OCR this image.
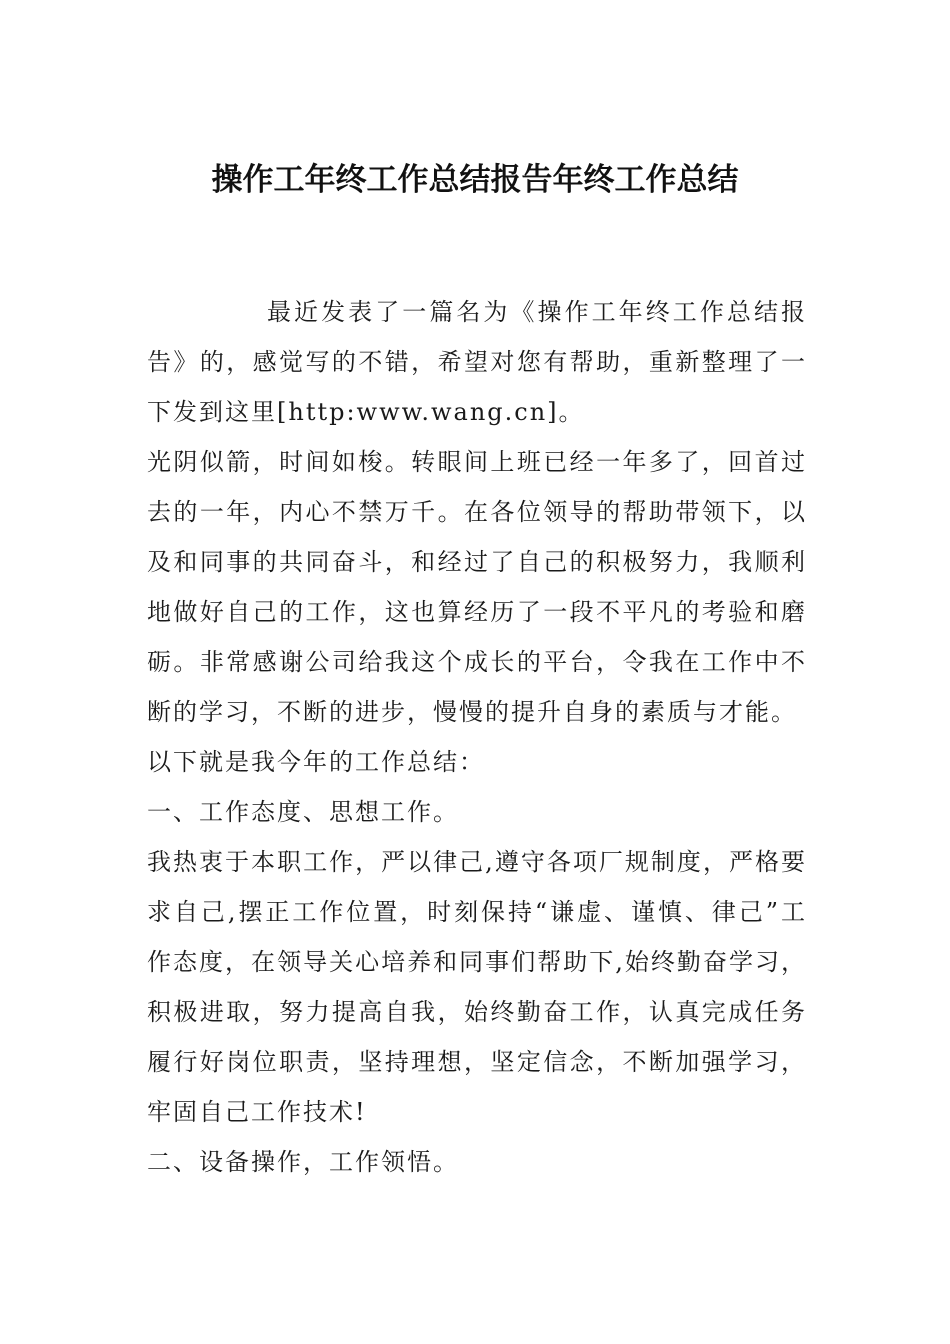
操作工年终工作总结报告年终工作总结

最近发表了一篇名为《操作工年终工作总结报告》的，感觉写的不错，希望对您有帮助，重新整理了一下发到这里[http:www.wang.cn]。

光阴似箭，时间如梭。转眼间上班已经一年多了，回首过去的一年，内心不禁万千。在各位领导的帮助带领下，以及和同事的共同奋斗，和经过了自己的积极努力，我顺利地做好自己的工作，这也算经历了一段不平凡的考验和磨砺。非常感谢公司给我这个成长的平台，令我在工作中不断的学习，不断的进步，慢慢的提升自身的素质与才能。

以下就是我今年的工作总结：

一、工作态度、思想工作。

我热衷于本职工作，严以律己,遵守各项厂规制度，严格要求自己,摆正工作位置，时刻保持“谦虚、谨慎、律己”工作态度，在领导关心培养和同事们帮助下,始终勤奋学习，积极进取，努力提高自我，始终勤奋工作，认真完成任务履行好岗位职责，坚持理想，坚定信念，不断加强学习，牢固自己工作技术!

二、设备操作，工作领悟。
